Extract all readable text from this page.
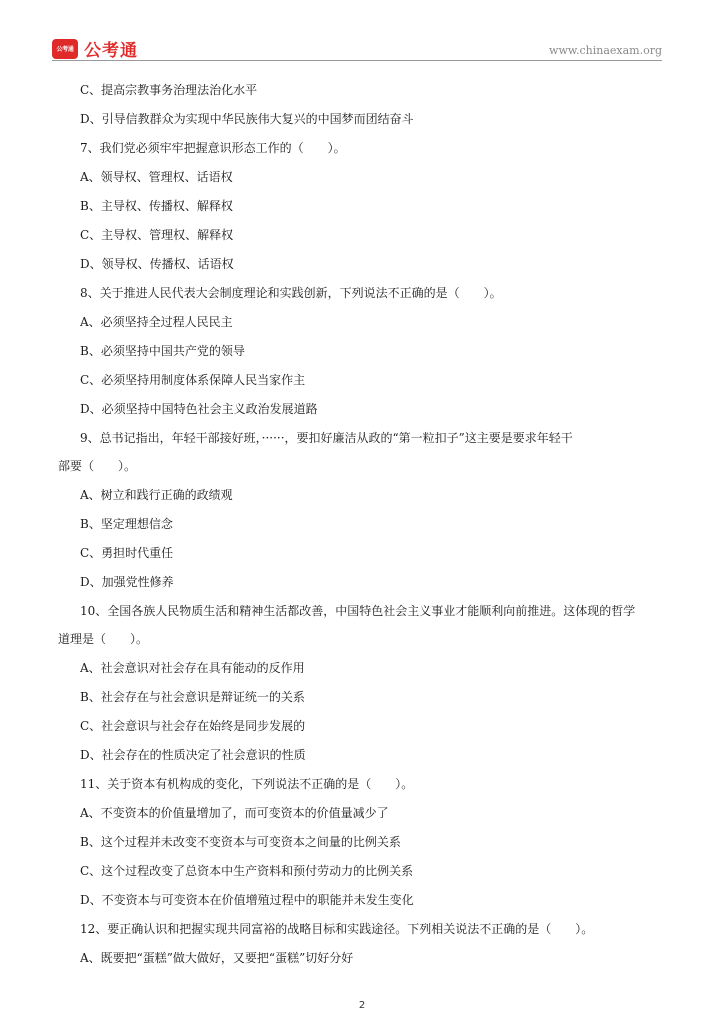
公考通 公考通	www.chinaexam.org

C、提高宗教事务治理法治化水平

D、引导信教群众为实现中华民族伟大复兴的中国梦而团结奋斗

7、我们党必须牢牢把握意识形态工作的（　　）。

A、领导权、管理权、话语权

B、主导权、传播权、解释权

C、主导权、管理权、解释权

D、领导权、传播权、话语权

8、关于推进人民代表大会制度理论和实践创新，下列说法不正确的是（　　）。

A、必须坚持全过程人民民主

B、必须坚持中国共产党的领导

C、必须坚持用制度体系保障人民当家作主

D、必须坚持中国特色社会主义政治发展道路

9、总书记指出，年轻干部接好班，······，要扣好廉洁从政的“第一粒扣子”这主要是要求年轻干

部要（　　）。

A、树立和践行正确的政绩观

B、坚定理想信念

C、勇担时代重任

D、加强党性修养

10、全国各族人民物质生活和精神生活都改善，中国特色社会主义事业才能顺利向前推进。这体现的哲学

道理是（　　）。

A、社会意识对社会存在具有能动的反作用

B、社会存在与社会意识是辩证统一的关系

C、社会意识与社会存在始终是同步发展的

D、社会存在的性质决定了社会意识的性质

11、关于资本有机构成的变化，下列说法不正确的是（　　）。

A、不变资本的价值量增加了，而可变资本的价值量减少了

B、这个过程并未改变不变资本与可变资本之间量的比例关系

C、这个过程改变了总资本中生产资料和预付劳动力的比例关系

D、不变资本与可变资本在价值增殖过程中的职能并未发生变化

12、要正确认识和把握实现共同富裕的战略目标和实践途径。下列相关说法不正确的是（　　）。

A、既要把“蛋糕”做大做好，又要把“蛋糕”切好分好

2
